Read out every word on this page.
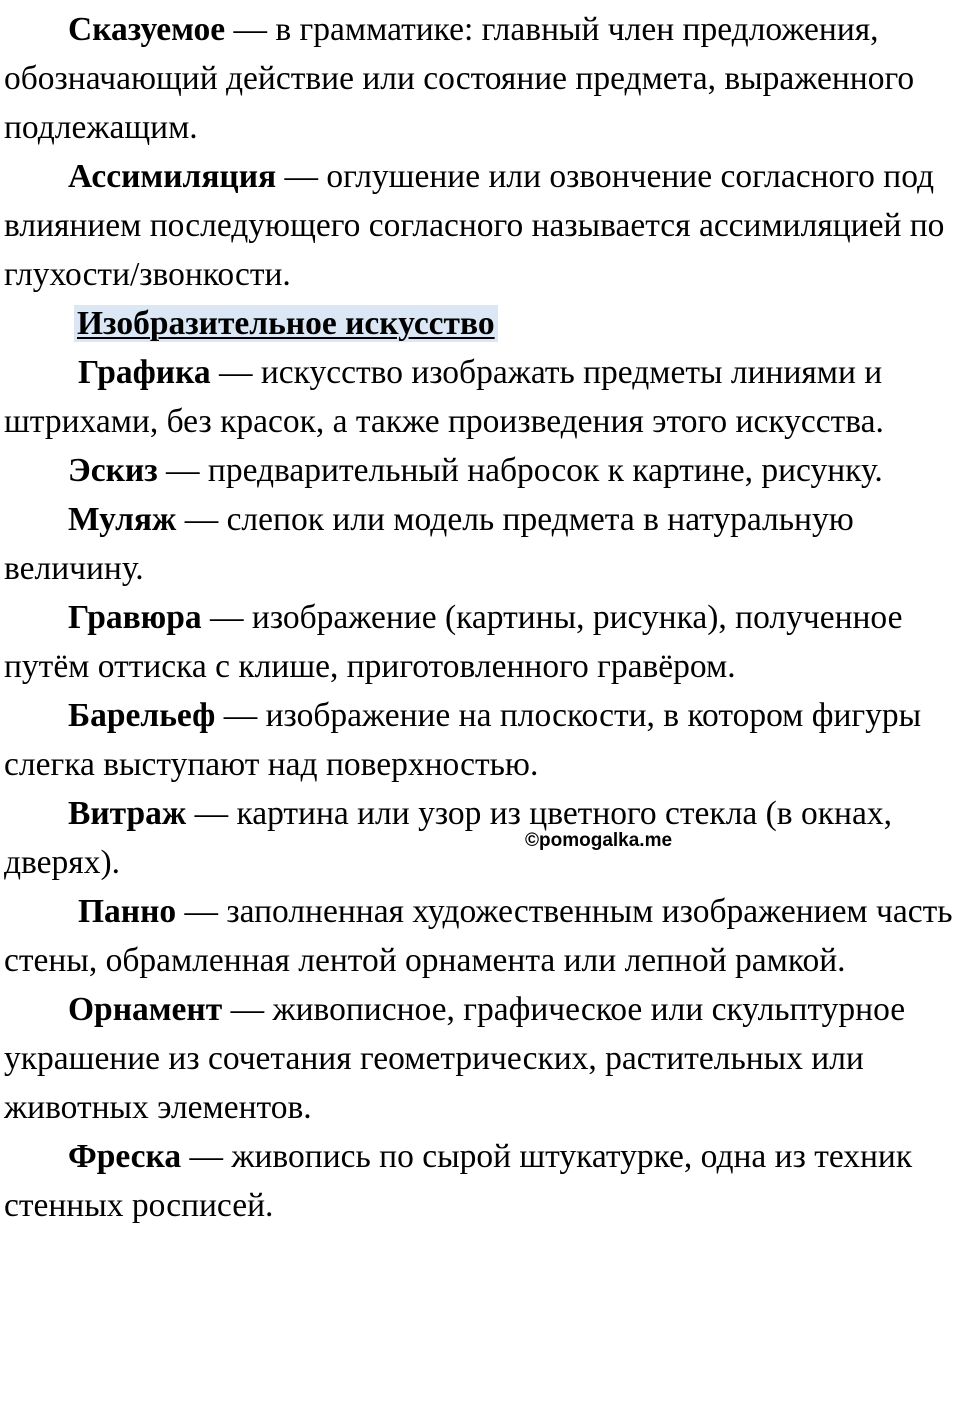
Сказуемое — в грамматике: главный член предложения, обозначающий действие или состояние предмета, выраженного подлежащим.

Ассимиляция — оглушение или озвончение согласного под влиянием последующего согласного называется ассимиляцией по глухости/звонкости.

Изобразительное искусство

Графика — искусство изображать предметы линиями и штрихами, без красок, а также произведения этого искусства.

Эскиз — предварительный набросок к картине, рисунку.

Муляж — слепок или модель предмета в натуральную величину.

Гравюра — изображение (картины, рисунка), полученное путём оттиска с клише, приготовленного гравёром.

Барельеф — изображение на плоскости, в котором фигуры слегка выступают над поверхностью.

Витраж — картина или узор из цветного стекла (в окнах, дверях).

Панно — заполненная художественным изображением часть стены, обрамленная лентой орнамента или лепной рамкой.

Орнамент — живописное, графическое или скульптурное украшение из сочетания геометрических, растительных или животных элементов.

Фреска — живопись по сырой штукатурке, одна из техник стенных росписей.

©pomogalka.me
